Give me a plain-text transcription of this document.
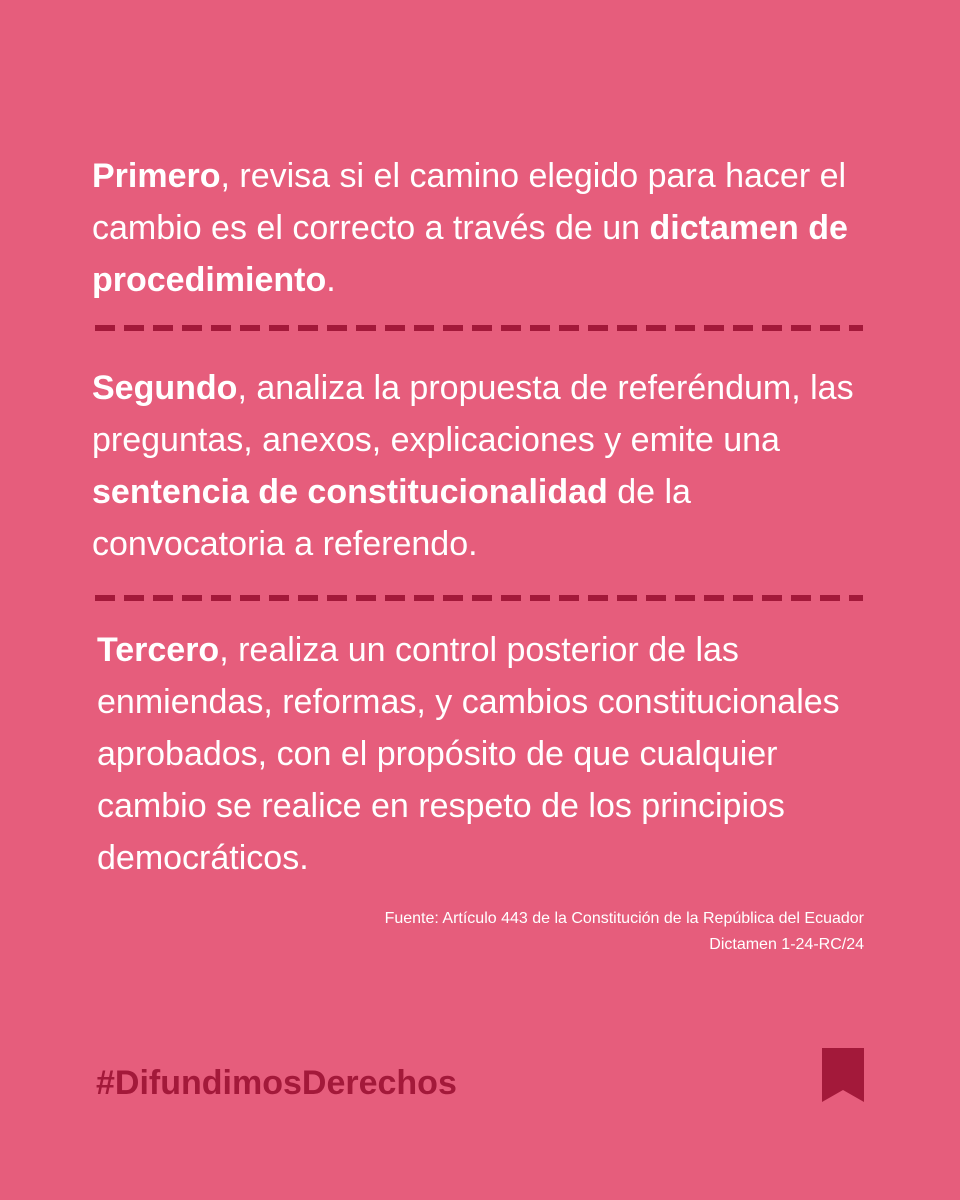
Primero, revisa si el camino elegido para hacer el cambio es el correcto a través de un dictamen de procedimiento.

Segundo, analiza la propuesta de referéndum, las preguntas, anexos, explicaciones y emite una sentencia de constitucionalidad de la convocatoria a referendo.

Tercero, realiza un control posterior de las enmiendas, reformas, y cambios constitucionales aprobados, con el propósito de que cualquier cambio se realice en respeto de los principios democráticos.

Fuente: Artículo 443 de la Constitución de la República del Ecuador
Dictamen 1-24-RC/24
#DifundimosDerechos
